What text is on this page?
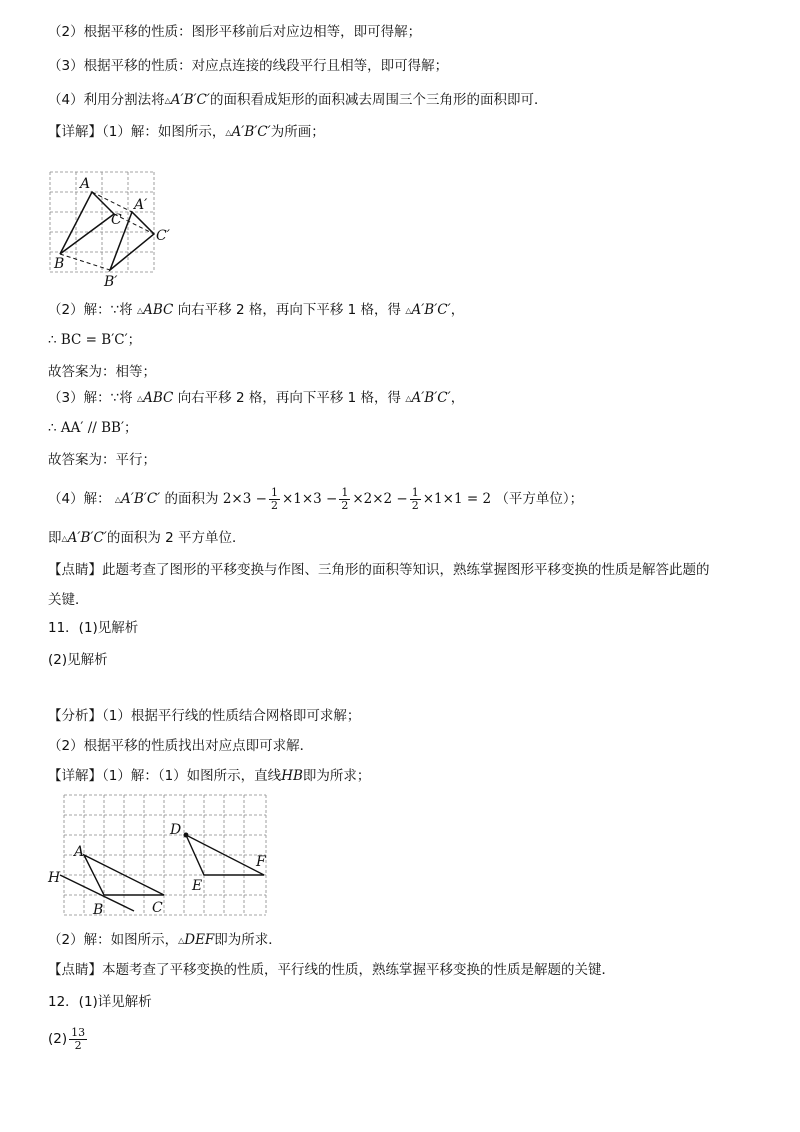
（2）根据平移的性质：图形平移前后对应边相等，即可得解；
（3）根据平移的性质：对应点连接的线段平行且相等，即可得解；
（4）利用分割法将△A′B′C′的面积看成矩形的面积减去周围三个三角形的面积即可．
【详解】（1）解：如图所示，△A′B′C′为所画；
A
B
C
A′
B′
C′
（2）解：∵将 △ABC 向右平移 2 格，再向下平移 1 格，得 △A′B′C′，
∴ BC = B′C′；
故答案为：相等；
（3）解：∵将 △ABC 向右平移 2 格，再向下平移 1 格，得 △A′B′C′，
∴ AA′ // BB′；
故答案为：平行；
（4）解： △A′B′C′ 的面积为 $2\times 3 - \frac{1}{2} \times 1\times 3 - \frac{1}{2} \times 2\times 2 - \frac{1}{2} \times 1\times 1 = 2$ （平方单位）；
即△A′B′C′的面积为 2 平方单位．
【点睛】此题考查了图形的平移变换与作图、三角形的面积等知识，熟练掌握图形平移变换的性质是解答此题的
关键．
11．(1)见解析
(2)见解析
【分析】（1）根据平行线的性质结合网格即可求解；
（2）根据平移的性质找出对应点即可求解．
【详解】（1）解：（1）如图所示，直线HB即为所求；
A
B	C
D
E
F
H
（2）解：如图所示，△DEF即为所求．
【点睛】本题考查了平移变换的性质，平行线的性质，熟练掌握平移变换的性质是解题的关键．
12．(1)详见解析
$(2) \frac{13}{2}$
